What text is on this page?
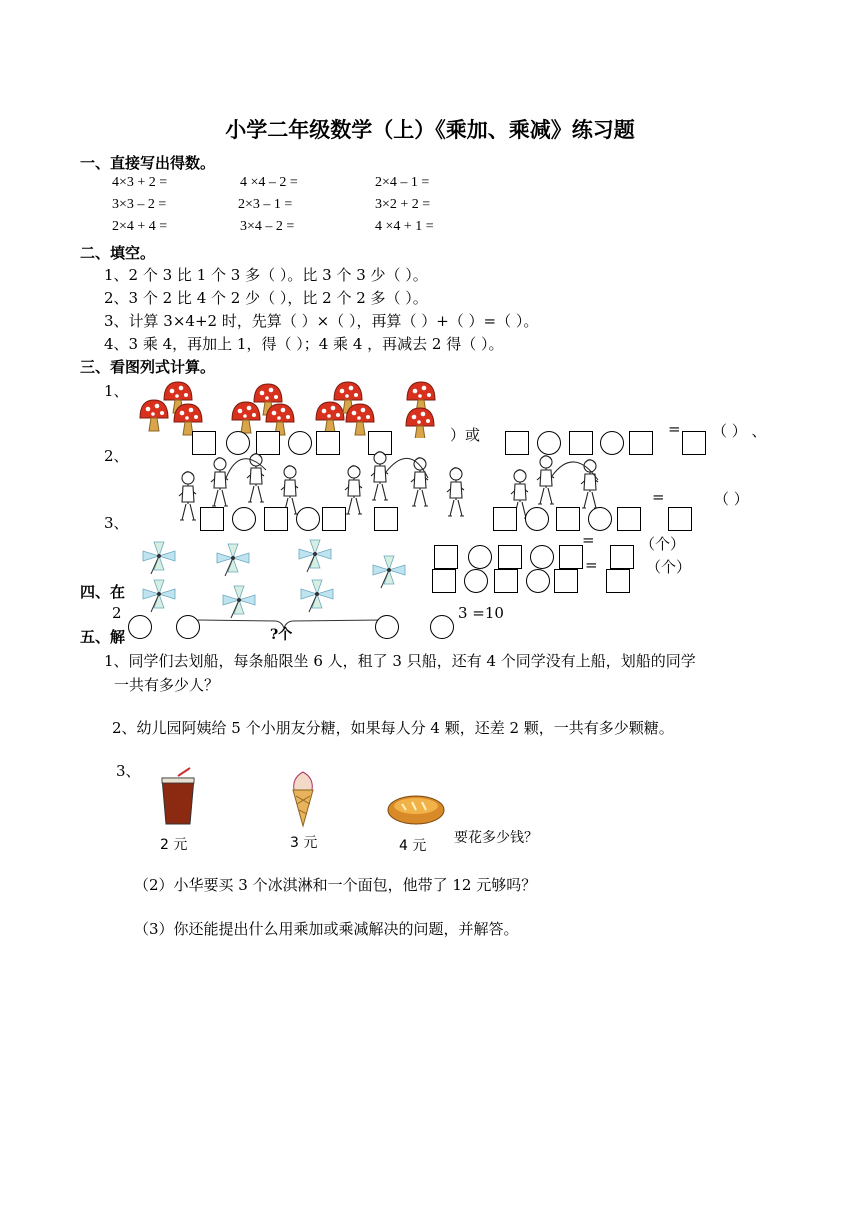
小学二年级数学（上）《乘加、乘减》练习题
一、直接写出得数。
4×3 + 2 =	4 ×4 – 2 =	2×4 – 1 =
3×3 – 2 =	2×3 – 1 =	3×2 + 2 =
2×4 + 4 =	3×4 – 2 =	4 ×4 + 1 =
二、填空。
1、2 个 3 比 1 个 3 多（ ）。比 3 个 3 少（ ）。
2、3 个 2 比 4 个 2 少（ ），比 2 个 2 多（ ）。
3、计算 3×4+2 时，先算（ ）×（ ），再算（ ）+（ ）=（ ）。
4、3 乘 4，再加上 1，得（ ）；4 乘 4 ，再减去 2 得（ ）。
三、看图列式计算。
1、
）或	= （ ） 、
2、
=	（ ）
3、
=	（个）
=	（个）
四、在
2
?个
3 =10
五、解
1、同学们去划船，每条船限坐 6 人，租了 3 只船，还有 4 个同学没有上船，划船的同学
一共有多少人？
2、幼儿园阿姨给 5 个小朋友分糖，如果每人分 4 颗，还差 2 颗，一共有多少颗糖。
3、
2 元	3 元	4 元 要花多少钱？
（2）小华要买 3 个冰淇淋和一个面包，他带了 12 元够吗？
（3）你还能提出什么用乘加或乘减解决的问题，并解答。
